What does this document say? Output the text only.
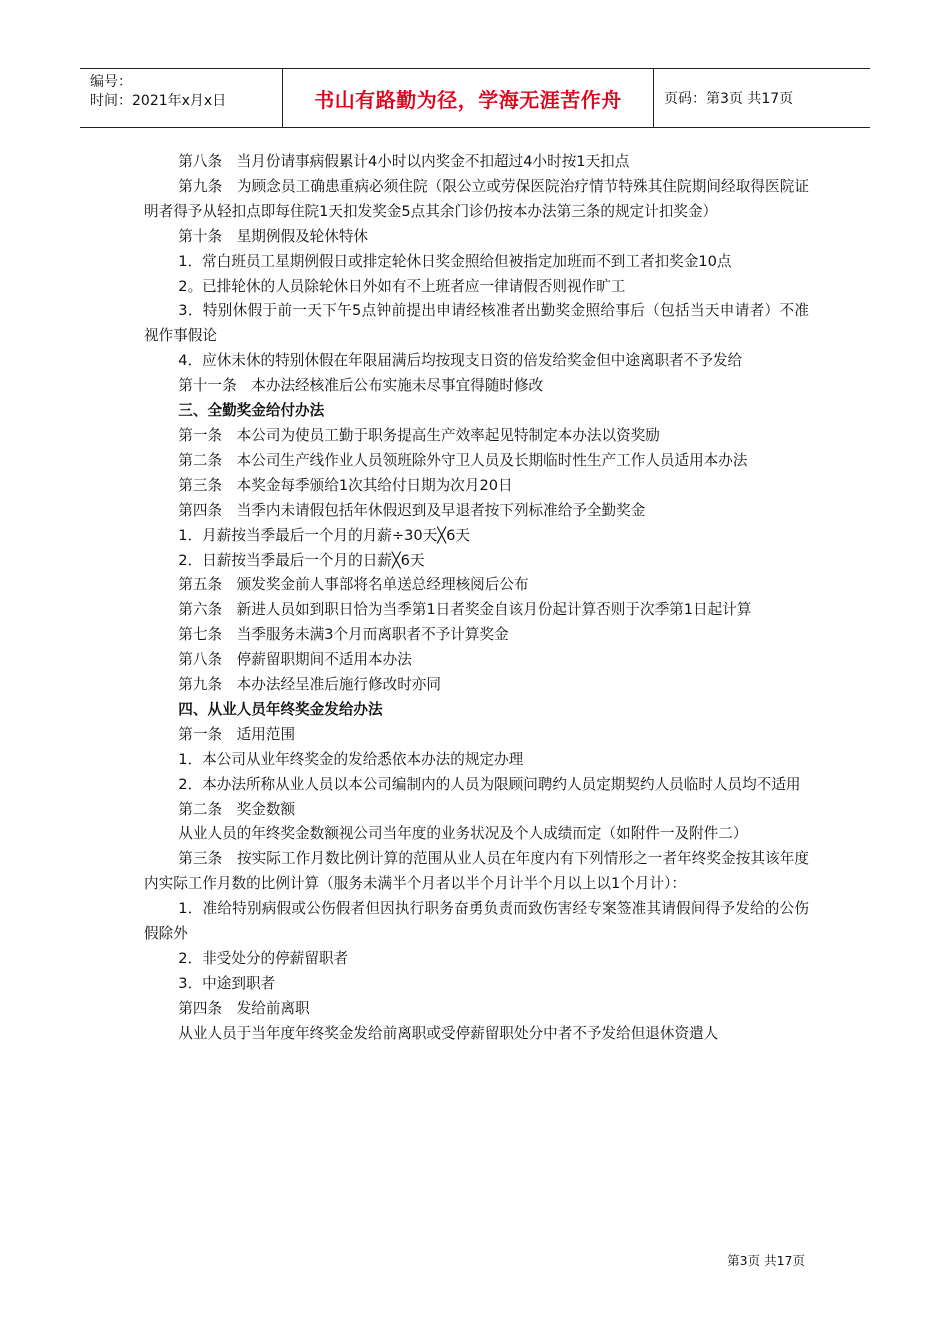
编号：
时间：2021年x月x日	书山有路勤为径，学海无涯苦作舟	页码：第3页 共17页

第八条　当月份请事病假累计4小时以内奖金不扣超过4小时按1天扣点

第九条　为顾念员工确患重病必须住院（限公立或劳保医院治疗情节特殊其住院期间经取得医院证明者得予从轻扣点即每住院1天扣发奖金5点其余门诊仍按本办法第三条的规定计扣奖金）

第十条　星期例假及轮休特休

1．常白班员工星期例假日或排定轮休日奖金照给但被指定加班而不到工者扣奖金10点

2。已排轮休的人员除轮休日外如有不上班者应一律请假否则视作旷工

3．特别休假于前一天下午5点钟前提出申请经核准者出勤奖金照给事后（包括当天申请者）不准视作事假论

4．应休未休的特别休假在年限届满后均按现支日资的倍发给奖金但中途离职者不予发给

第十一条　本办法经核准后公布实施未尽事宜得随时修改

三、全勤奖金给付办法

第一条　本公司为使员工勤于职务提高生产效率起见特制定本办法以资奖励

第二条　本公司生产线作业人员领班除外守卫人员及长期临时性生产工作人员适用本办法

第三条　本奖金每季颁给1次其给付日期为次月20日

第四条　当季内未请假包括年休假迟到及早退者按下列标准给予全勤奖金

1．月薪按当季最后一个月的月薪÷30天╳6天

2．日薪按当季最后一个月的日薪╳6天

第五条　颁发奖金前人事部将名单送总经理核阅后公布

第六条　新进人员如到职日恰为当季第1日者奖金自该月份起计算否则于次季第1日起计算

第七条　当季服务未满3个月而离职者不予计算奖金

第八条　停薪留职期间不适用本办法

第九条　本办法经呈准后施行修改时亦同

四、从业人员年终奖金发给办法

第一条　适用范围

1．本公司从业年终奖金的发给悉依本办法的规定办理

2．本办法所称从业人员以本公司编制内的人员为限顾问聘约人员定期契约人员临时人员均不适用

第二条　奖金数额

从业人员的年终奖金数额视公司当年度的业务状况及个人成绩而定（如附件一及附件二）

第三条　按实际工作月数比例计算的范围从业人员在年度内有下列情形之一者年终奖金按其该年度内实际工作月数的比例计算（服务未满半个月者以半个月计半个月以上以1个月计）：

1．准给特别病假或公伤假者但因执行职务奋勇负责而致伤害经专案签准其请假间得予发给的公伤假除外

2．非受处分的停薪留职者

3．中途到职者

第四条　发给前离职

从业人员于当年度年终奖金发给前离职或受停薪留职处分中者不予发给但退休资遣人

第3页 共17页
